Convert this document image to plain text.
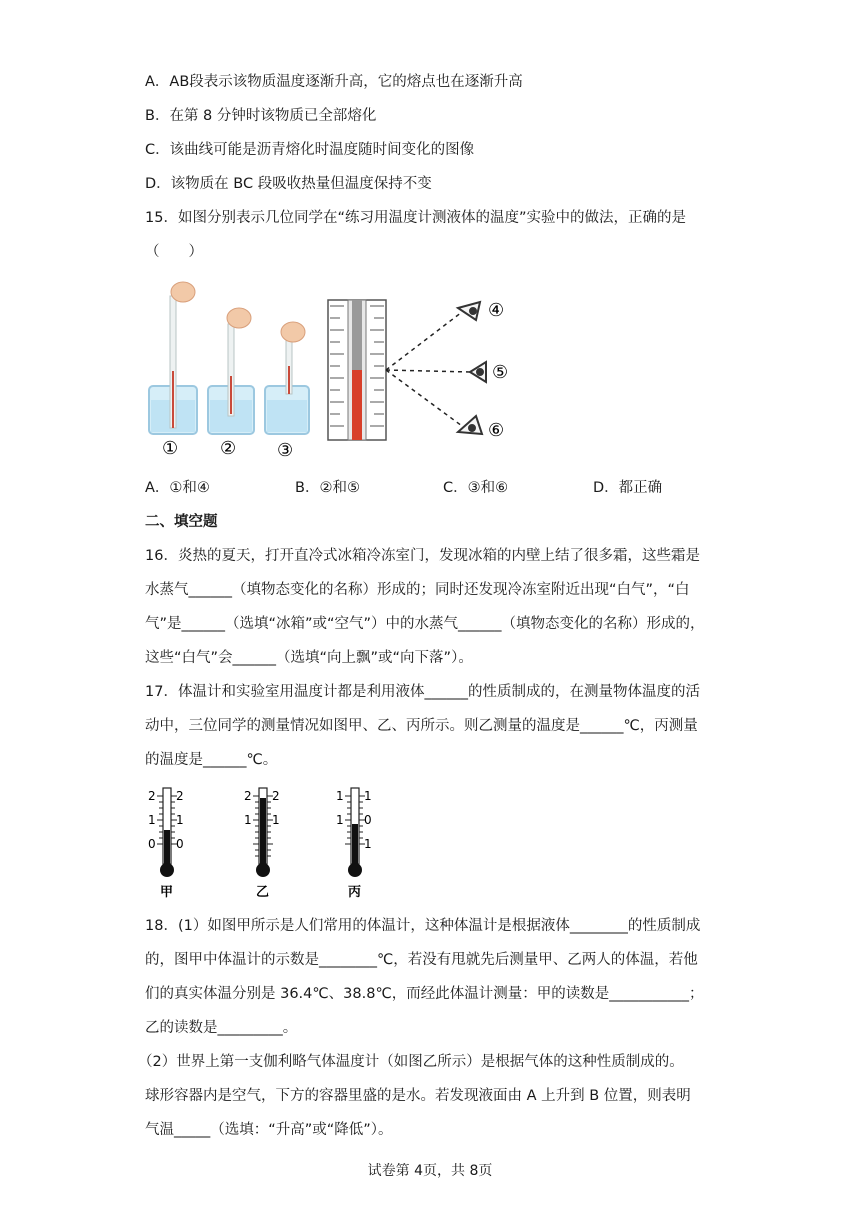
A．AB段表示该物质温度逐渐升高，它的熔点也在逐渐升高
B．在第 8 分钟时该物质已全部熔化
C．该曲线可能是沥青熔化时温度随时间变化的图像
D．该物质在 BC 段吸收热量但温度保持不变
15．如图分别表示几位同学在“练习用温度计测液体的温度”实验中的做法，正确的是
（　　）
① ② ③
④
⑤
⑥
A．①和④	B．②和⑤	C．③和⑥	D．都正确
二、填空题
16．炎热的夏天，打开直冷式冰箱冷冻室门，发现冰箱的内壁上结了很多霜，这些霜是
水蒸气______（填物态变化的名称）形成的；同时还发现冷冻室附近出现“白气”，“白
气”是______（选填“冰箱”或“空气”）中的水蒸气______（填物态变化的名称）形成的，
这些“白气”会______（选填“向上飘”或“向下落”）。
17．体温计和实验室用温度计都是利用液体______的性质制成的，在测量物体温度的活
动中，三位同学的测量情况如图甲、乙、丙所示。则乙测量的温度是______℃，丙测量
的温度是______℃。
2
1
0
2
1
0
甲
2
1
2
1
乙
1
1
1
0
1
丙
18．(1）如图甲所示是人们常用的体温计，这种体温计是根据液体________的性质制成
的，图甲中体温计的示数是________℃，若没有甩就先后测量甲、乙两人的体温，若他
们的真实体温分别是 36.4℃、38.8℃，而经此体温计测量：甲的读数是___________；
乙的读数是_________。
（2）世界上第一支伽利略气体温度计（如图乙所示）是根据气体的这种性质制成的。
球形容器内是空气，下方的容器里盛的是水。若发现液面由 A 上升到 B 位置，则表明
气温_____（选填：“升高”或“降低”）。
试卷第 4页，共 8页
